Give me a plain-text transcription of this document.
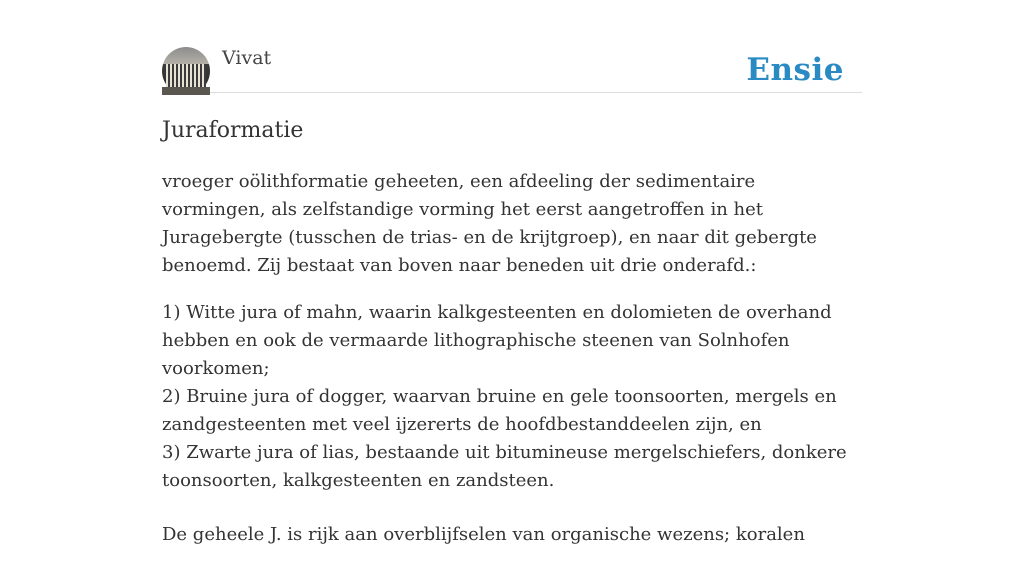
Vivat	Ensie
Juraformatie

vroeger oölithformatie geheeten, een afdeeling der sedimentaire vormingen, als zelfstandige vorming het eerst aangetroffen in het Juragebergte (tusschen de trias- en de krijtgroep), en naar dit gebergte benoemd. Zij bestaat van boven naar beneden uit drie onderafd.:

1) Witte jura of mahn, waarin kalkgesteenten en dolomieten de overhand hebben en ook de vermaarde lithographische steenen van Solnhofen voorkomen;
2) Bruine jura of dogger, waarvan bruine en gele toonsoorten, mergels en zandgesteenten met veel ijzererts de hoofdbestanddeelen zijn, en
3) Zwarte jura of lias, bestaande uit bitumineuse mergelschiefers, donkere toonsoorten, kalkgesteenten en zandsteen.

De geheele J. is rijk aan overblijfselen van organische wezens; koralen
